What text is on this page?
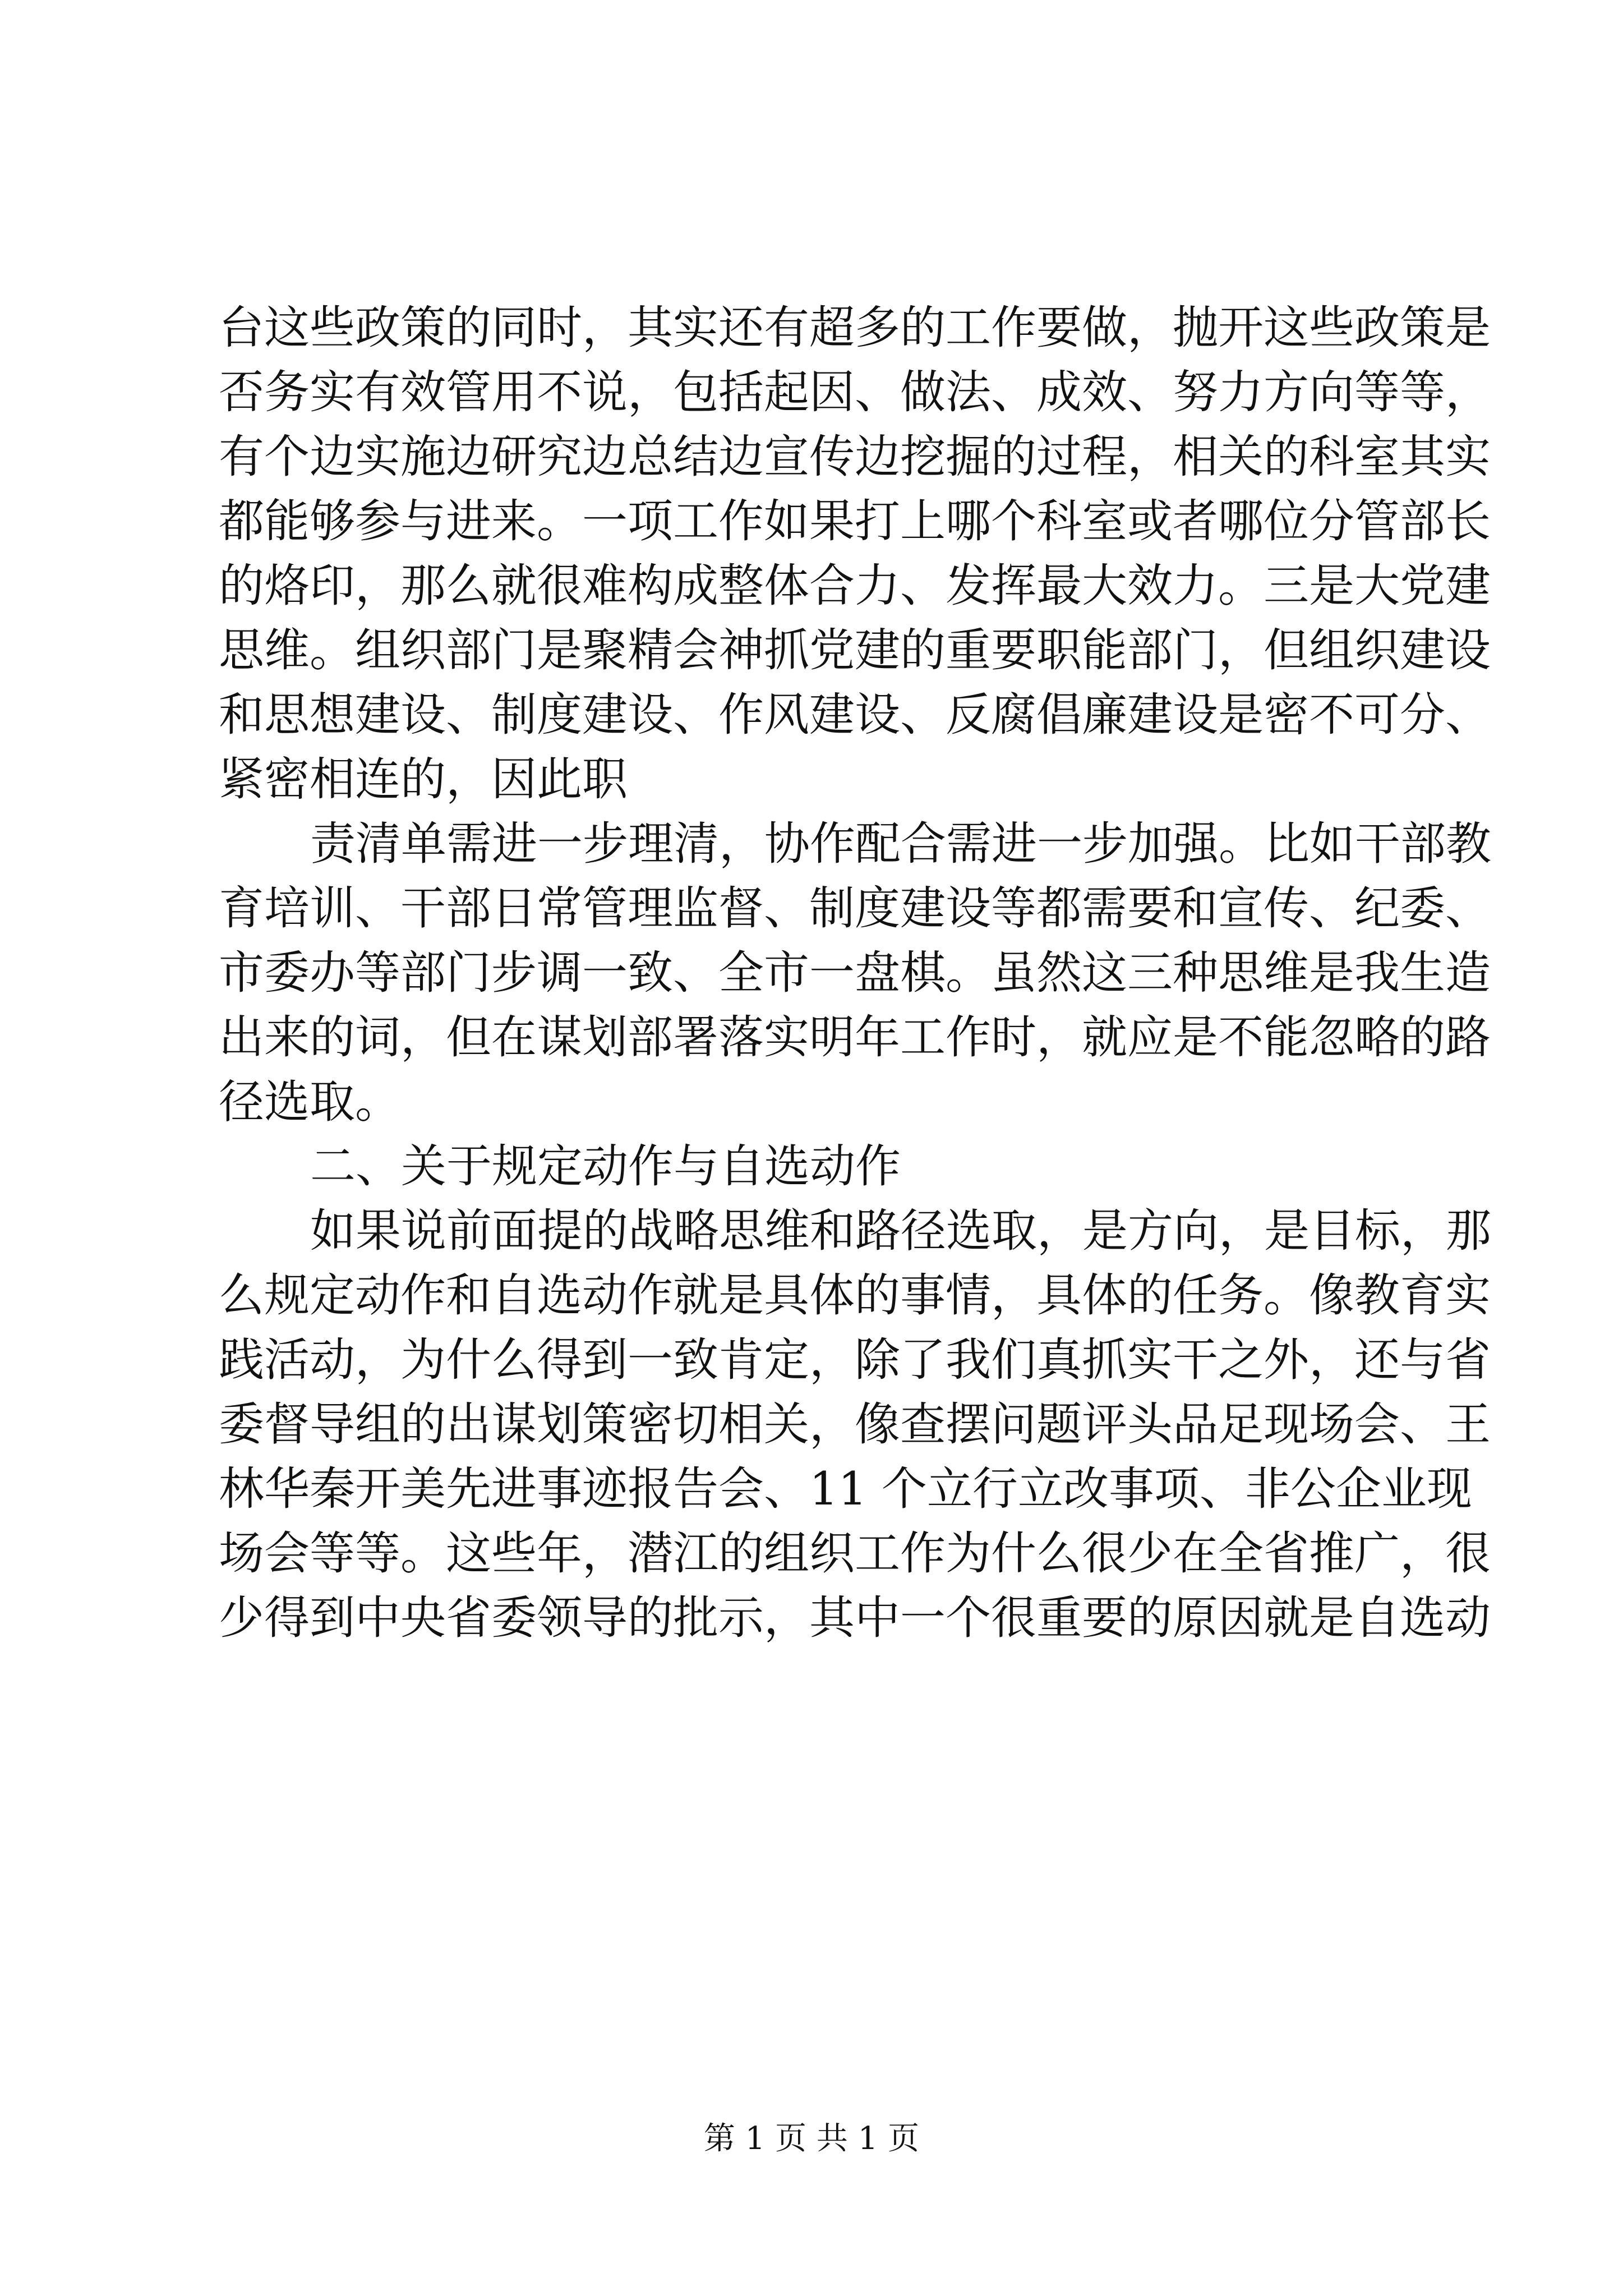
台这些政策的同时，其实还有超多的工作要做，抛开这些政策是
否务实有效管用不说，包括起因、做法、成效、努力方向等等，
有个边实施边研究边总结边宣传边挖掘的过程，相关的科室其实
都能够参与进来。一项工作如果打上哪个科室或者哪位分管部长
的烙印，那么就很难构成整体合力、发挥最大效力。三是大党建
思维。组织部门是聚精会神抓党建的重要职能部门，但组织建设
和思想建设、制度建设、作风建设、反腐倡廉建设是密不可分、
紧密相连的，因此职
责清单需进一步理清，协作配合需进一步加强。比如干部教
育培训、干部日常管理监督、制度建设等都需要和宣传、纪委、
市委办等部门步调一致、全市一盘棋。虽然这三种思维是我生造
出来的词，但在谋划部署落实明年工作时，就应是不能忽略的路
径选取。
二、关于规定动作与自选动作
如果说前面提的战略思维和路径选取，是方向，是目标，那
么规定动作和自选动作就是具体的事情，具体的任务。像教育实
践活动，为什么得到一致肯定，除了我们真抓实干之外，还与省
委督导组的出谋划策密切相关，像查摆问题评头品足现场会、王
林华秦开美先进事迹报告会、11 个立行立改事项、非公企业现
场会等等。这些年，潜江的组织工作为什么很少在全省推广，很
少得到中央省委领导的批示，其中一个很重要的原因就是自选动
第 1 页 共 1 页
